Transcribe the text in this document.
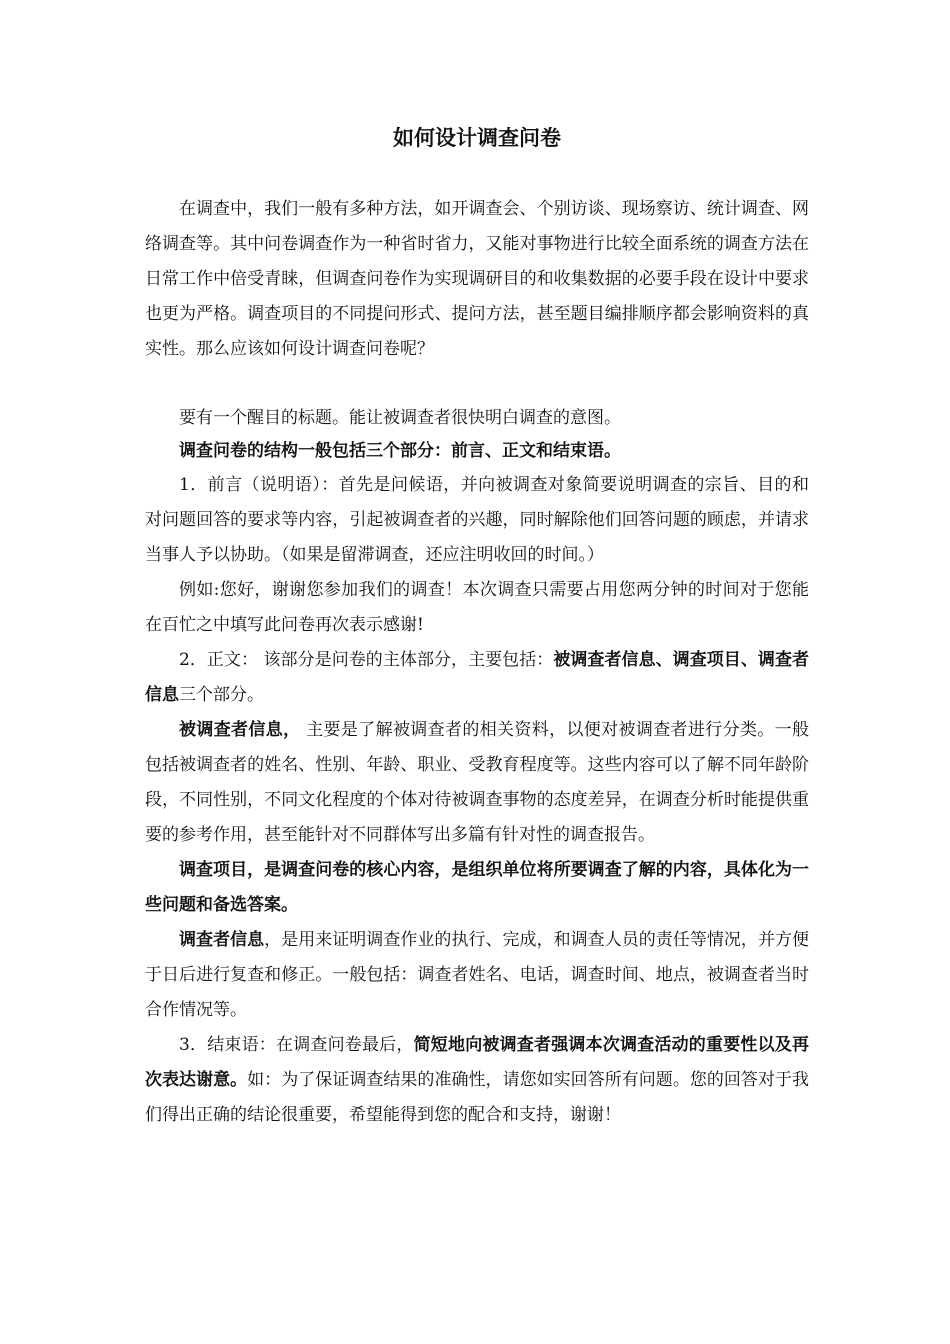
如何设计调查问卷

在调查中，我们一般有多种方法，如开调查会、个别访谈、现场察访、统计调查、网络调查等。其中问卷调查作为一种省时省力，又能对事物进行比较全面系统的调查方法在日常工作中倍受青睐，但调查问卷作为实现调研目的和收集数据的必要手段在设计中要求也更为严格。调查项目的不同提问形式、提问方法，甚至题目编排顺序都会影响资料的真实性。那么应该如何设计调查问卷呢？

要有一个醒目的标题。能让被调查者很快明白调查的意图。

调查问卷的结构一般包括三个部分：前言、正文和结束语。

1．前言（说明语）：首先是问候语，并向被调查对象简要说明调查的宗旨、目的和对问题回答的要求等内容，引起被调查者的兴趣，同时解除他们回答问题的顾虑，并请求当事人予以协助。（如果是留滞调查，还应注明收回的时间。）

例如:您好，谢谢您参加我们的调查！本次调查只需要占用您两分钟的时间对于您能在百忙之中填写此问卷再次表示感谢!

2．正文： 该部分是问卷的主体部分，主要包括：被调查者信息、调查项目、调查者信息三个部分。

被调查者信息， 主要是了解被调查者的相关资料，以便对被调查者进行分类。一般包括被调查者的姓名、性别、年龄、职业、受教育程度等。这些内容可以了解不同年龄阶段，不同性别，不同文化程度的个体对待被调查事物的态度差异，在调查分析时能提供重要的参考作用，甚至能针对不同群体写出多篇有针对性的调查报告。

调查项目，是调查问卷的核心内容，是组织单位将所要调查了解的内容，具体化为一些问题和备选答案。

调查者信息，是用来证明调查作业的执行、完成，和调查人员的责任等情况，并方便于日后进行复查和修正。一般包括：调查者姓名、电话，调查时间、地点，被调查者当时合作情况等。

3．结束语：在调查问卷最后，简短地向被调查者强调本次调查活动的重要性以及再次表达谢意。如：为了保证调查结果的准确性，请您如实回答所有问题。您的回答对于我们得出正确的结论很重要，希望能得到您的配合和支持，谢谢！
